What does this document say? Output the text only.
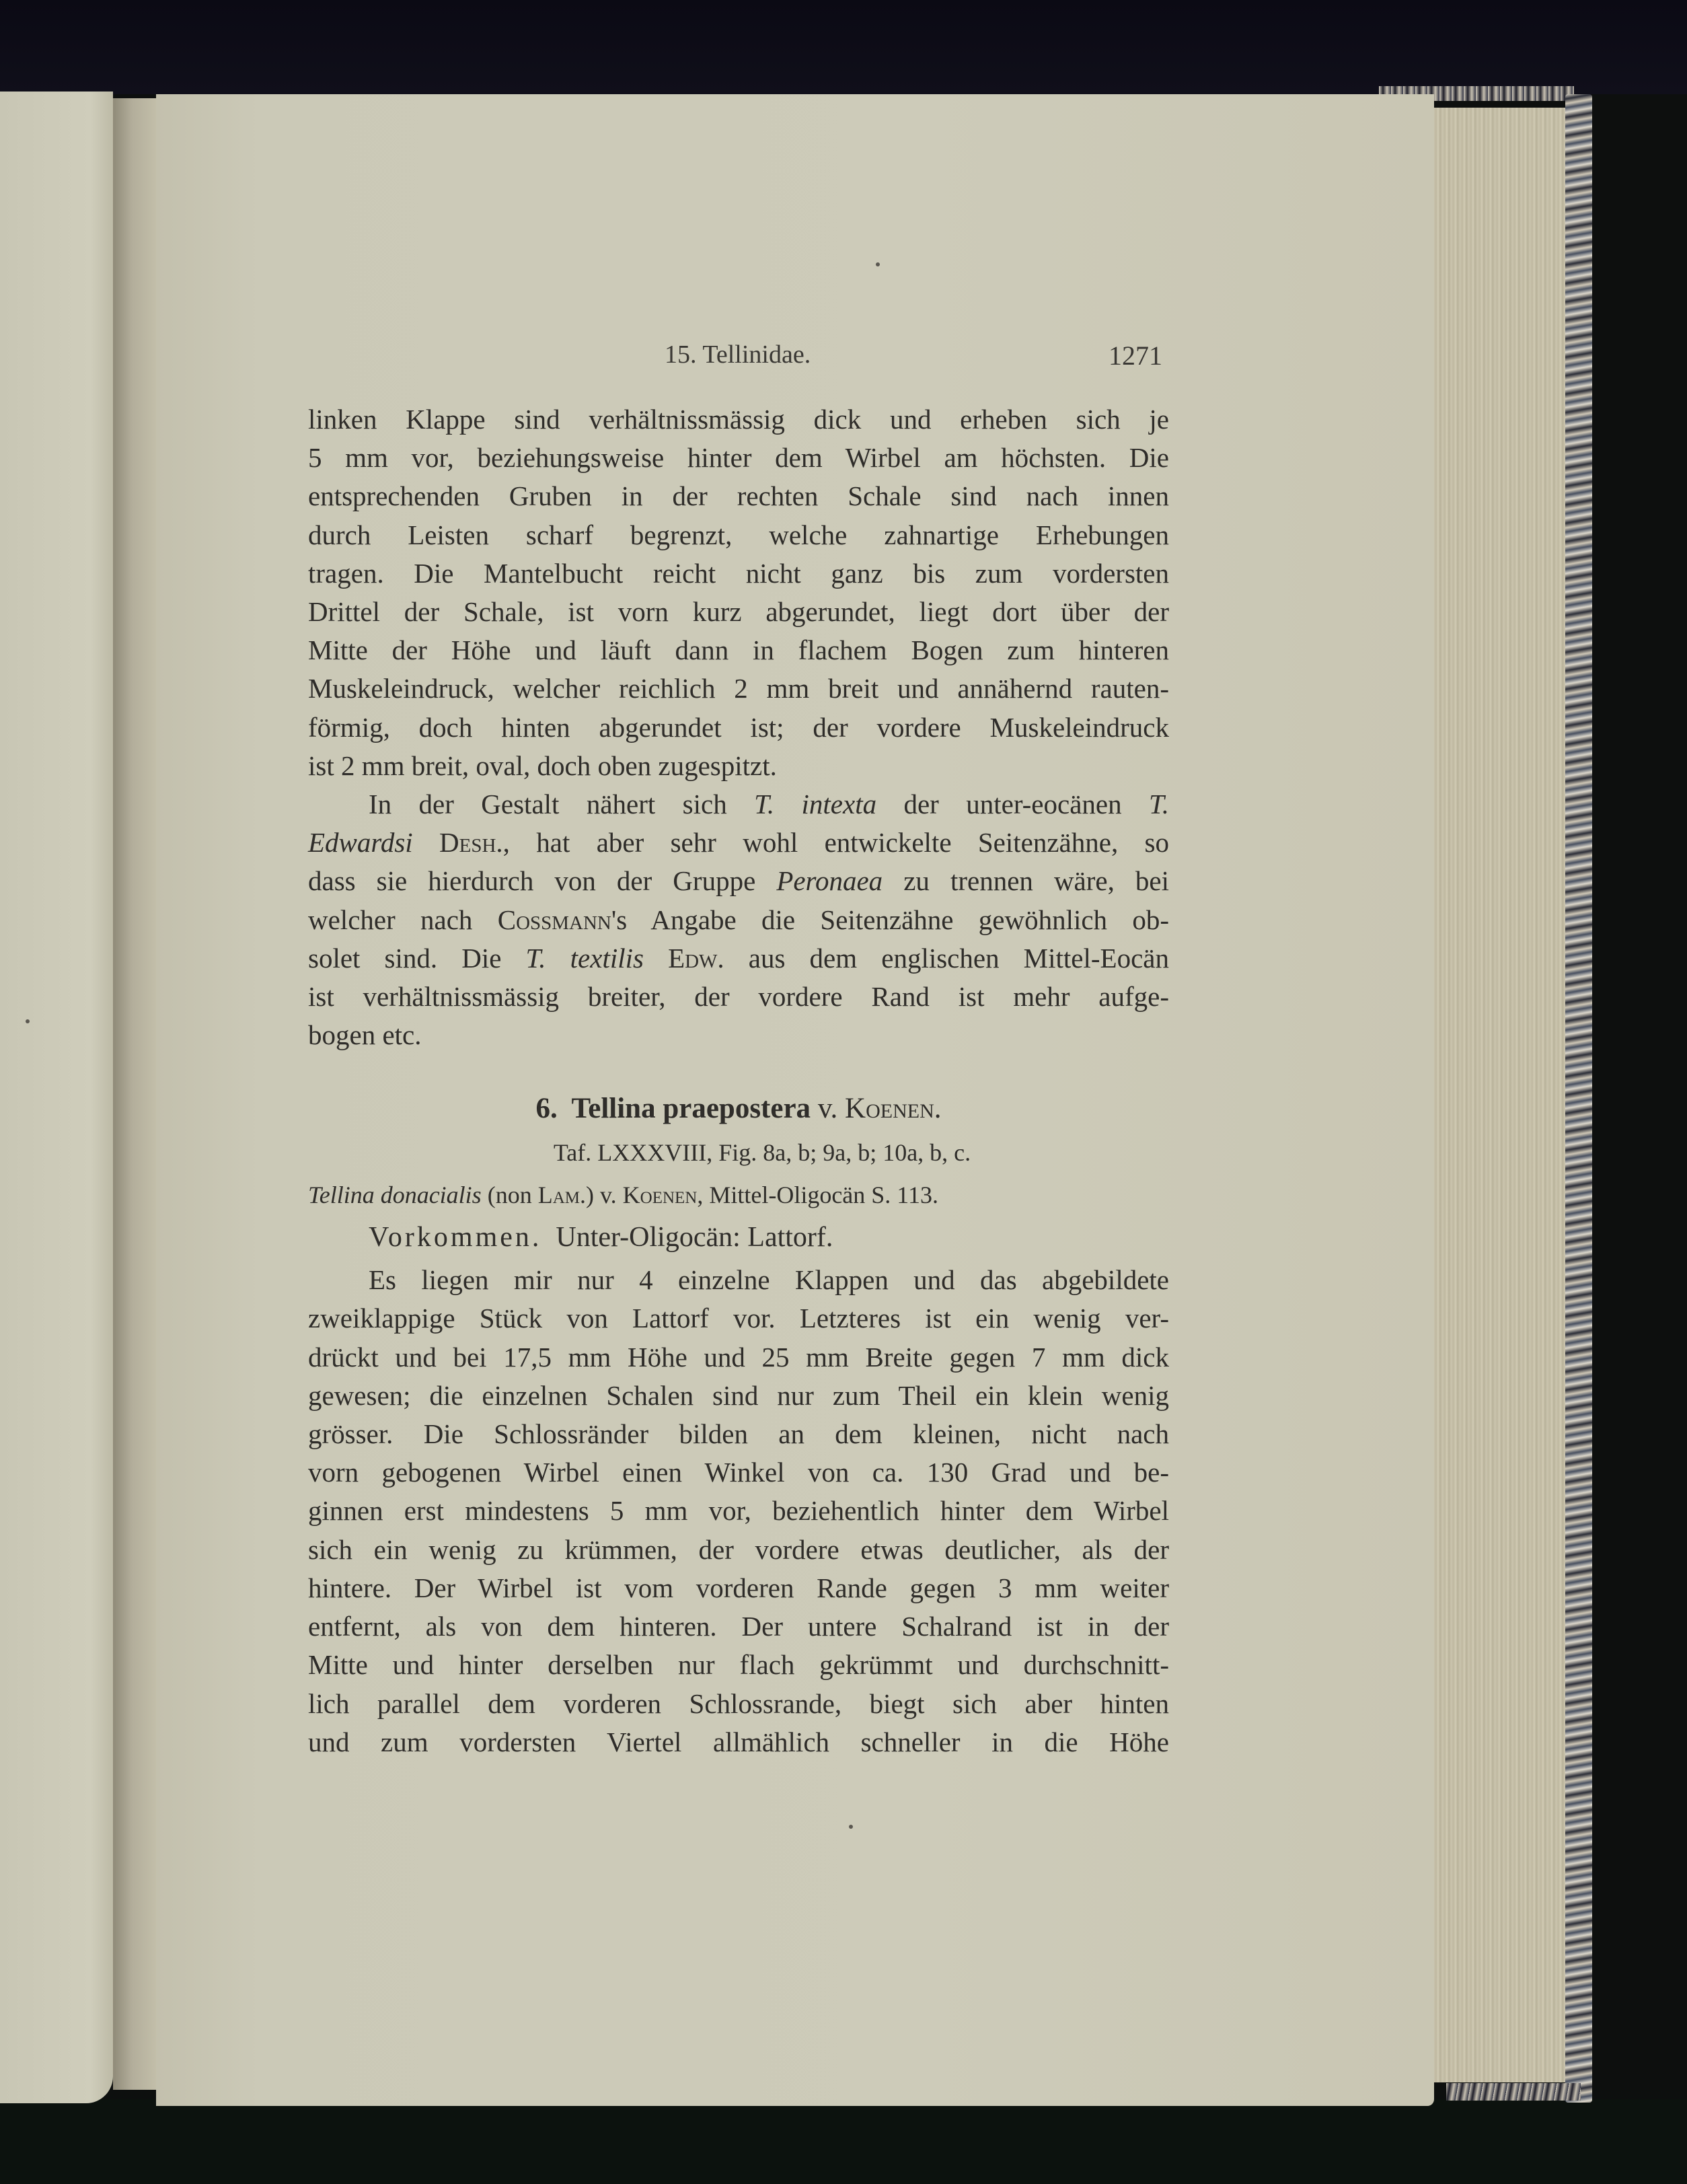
15. Tellinidae.	1271

linken Klappe sind verhältnissmässig dick und erheben sich je
5 mm vor, beziehungsweise hinter dem Wirbel am höchsten. Die
entsprechenden Gruben in der rechten Schale sind nach innen
durch Leisten scharf begrenzt, welche zahnartige Erhebungen
tragen. Die Mantelbucht reicht nicht ganz bis zum vordersten
Drittel der Schale, ist vorn kurz abgerundet, liegt dort über der
Mitte der Höhe und läuft dann in flachem Bogen zum hinteren
Muskeleindruck, welcher reichlich 2 mm breit und annähernd rauten-
förmig, doch hinten abgerundet ist; der vordere Muskeleindruck
ist 2 mm breit, oval, doch oben zugespitzt.

In der Gestalt nähert sich T. intexta der unter-eocänen T.
Edwardsi Desh., hat aber sehr wohl entwickelte Seitenzähne, so
dass sie hierdurch von der Gruppe Peronaea zu trennen wäre, bei
welcher nach Cossmann's Angabe die Seitenzähne gewöhnlich ob-
solet sind. Die T. textilis Edw. aus dem englischen Mittel-Eocän
ist verhältnissmässig breiter, der vordere Rand ist mehr aufge-
bogen etc.

6. Tellina praepostera v. Koenen.
Taf. LXXXVIII, Fig. 8a, b; 9a, b; 10a, b, c.
Tellina donacialis (non Lam.) v. Koenen, Mittel-Oligocän S. 113.
Vorkommen. Unter-Oligocän: Lattorf.

Es liegen mir nur 4 einzelne Klappen und das abgebildete
zweiklappige Stück von Lattorf vor. Letzteres ist ein wenig ver-
drückt und bei 17,5 mm Höhe und 25 mm Breite gegen 7 mm dick
gewesen; die einzelnen Schalen sind nur zum Theil ein klein wenig
grösser. Die Schlossränder bilden an dem kleinen, nicht nach
vorn gebogenen Wirbel einen Winkel von ca. 130 Grad und be-
ginnen erst mindestens 5 mm vor, beziehentlich hinter dem Wirbel
sich ein wenig zu krümmen, der vordere etwas deutlicher, als der
hintere. Der Wirbel ist vom vorderen Rande gegen 3 mm weiter
entfernt, als von dem hinteren. Der untere Schalrand ist in der
Mitte und hinter derselben nur flach gekrümmt und durchschnitt-
lich parallel dem vorderen Schlossrande, biegt sich aber hinten
und zum vordersten Viertel allmählich schneller in die Höhe
